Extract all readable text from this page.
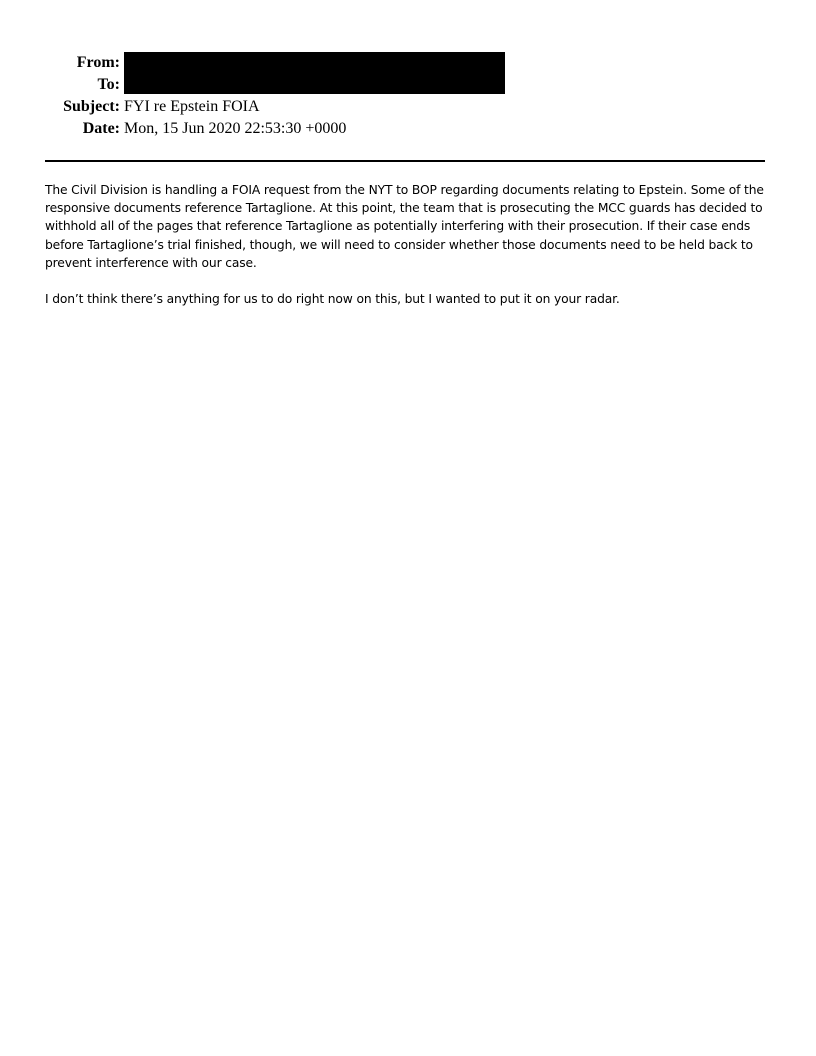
From:
To:
Subject: FYI re Epstein FOIA
Date: Mon, 15 Jun 2020 22:53:30 +0000

The Civil Division is handling a FOIA request from the NYT to BOP regarding documents relating to Epstein. Some of the responsive documents reference Tartaglione. At this point, the team that is prosecuting the MCC guards has decided to withhold all of the pages that reference Tartaglione as potentially interfering with their prosecution. If their case ends before Tartaglione’s trial finished, though, we will need to consider whether those documents need to be held back to prevent interference with our case.

I don’t think there’s anything for us to do right now on this, but I wanted to put it on your radar.
